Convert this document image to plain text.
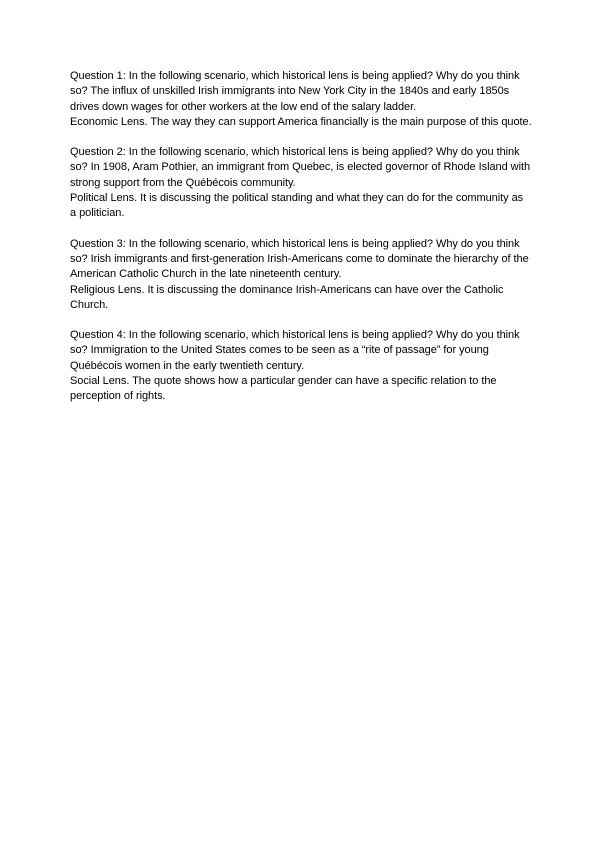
Question 1: In the following scenario, which historical lens is being applied? Why do you think so? The influx of unskilled Irish immigrants into New York City in the 1840s and early 1850s drives down wages for other workers at the low end of the salary ladder.

Economic Lens. The way they can support America financially is the main purpose of this quote.

Question 2: In the following scenario, which historical lens is being applied? Why do you think so? In 1908, Aram Pothier, an immigrant from Quebec, is elected governor of Rhode Island with strong support from the Québécois community.

Political Lens. It is discussing the political standing and what they can do for the community as a politician.

Question 3: In the following scenario, which historical lens is being applied? Why do you think so? Irish immigrants and first-generation Irish-Americans come to dominate the hierarchy of the American Catholic Church in the late nineteenth century.

Religious Lens. It is discussing the dominance Irish-Americans can have over the Catholic Church.

Question 4: In the following scenario, which historical lens is being applied? Why do you think so? Immigration to the United States comes to be seen as a “rite of passage” for young Québécois women in the early twentieth century.

Social Lens. The quote shows how a particular gender can have a specific relation to the perception of rights.
